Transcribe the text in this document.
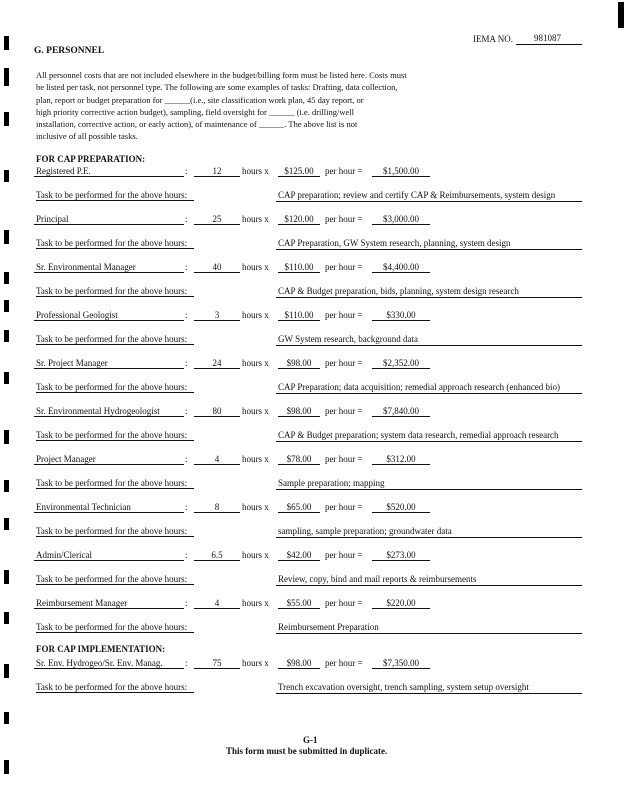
IEMA NO. 981087
G. PERSONNEL
All personnel costs that are not included elsewhere in the budget/billing form must be listed here. Costs must
be listed per task, not personnel type. The following are some examples of tasks: Drafting, data collection,
plan, report or budget preparation for ______(i.e., site classification work plan, 45 day report, or
high priority corrective action budget), sampling, field oversight for ______ (i.e. drilling/well
installation, corrective action, or early action), of maintenance of ______. The above list is not
inclusive of all possible tasks.
FOR CAP PREPARATION:
Registered P.E.	:	12	hours x	$125.00	per hour =	$1,500.00
Task to be performed for the above hours:	CAP preparation; review and certify CAP & Reimbursements, system design
Principal	:	25	hours x	$120.00	per hour =	$3,000.00
Task to be performed for the above hours:	CAP Preparation, GW System research, planning, system design
Sr. Environmental Manager	:	40	hours x	$110.00	per hour =	$4,400.00
Task to be performed for the above hours:	CAP & Budget preparation, bids, planning, system design research
Professional Geologist	:	3	hours x	$110.00	per hour =	$330.00
Task to be performed for the above hours:	GW System research, background data
Sr. Project Manager	:	24	hours x	$98.00	per hour =	$2,352.00
Task to be performed for the above hours:	CAP Preparation; data acquisition; remedial approach research (enhanced bio)
Sr. Environmental Hydrogeologist	:	80	hours x	$98.00	per hour =	$7,840.00
Task to be performed for the above hours:	CAP & Budget preparation; system data research, remedial approach research
Project Manager	:	4	hours x	$78.00	per hour =	$312.00
Task to be performed for the above hours:	Sample preparation; mapping
Environmental Technician	:	8	hours x	$65.00	per hour =	$520.00
Task to be performed for the above hours:	sampling, sample preparation; groundwater data
Admin/Clerical	:	6.5	hours x	$42.00	per hour =	$273.00
Task to be performed for the above hours:	Review, copy, bind and mail reports & reimbursements
Reimbursement Manager	:	4	hours x	$55.00	per hour =	$220.00
Task to be performed for the above hours:	Reimbursement Preparation
FOR CAP IMPLEMENTATION:
Sr. Env. Hydrogeo/Sr. Env. Manag. :	75	hours x	$98.00	per hour =	$7,350.00
Task to be performed for the above hours:	Trench excavation oversight, trench sampling, system setup oversight
G-1
This form must be submitted in duplicate.
